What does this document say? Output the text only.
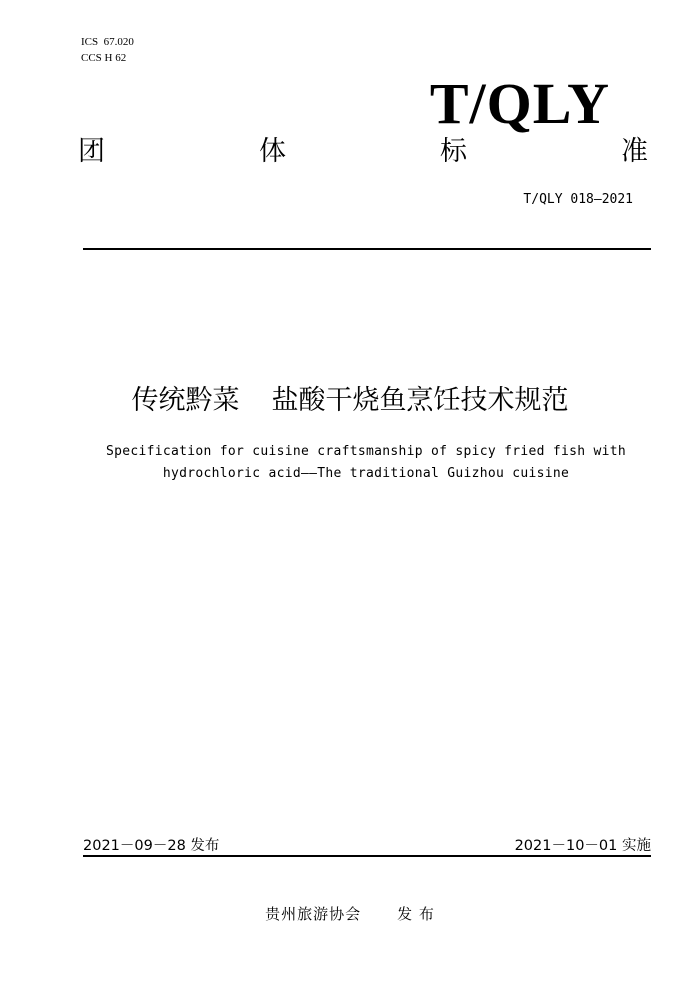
ICS  67.020
CCS H 62
T/QLY
团	体	标	准
T/QLY 018—2021
传统黔菜 盐酸干烧鱼烹饪技术规范
Specification for cuisine craftsmanship of spicy fried fish with
hydrochloric acid——The traditional Guizhou cuisine
2021－09－28 发布	2021－10－01 实施
贵州旅游协会 发 布
